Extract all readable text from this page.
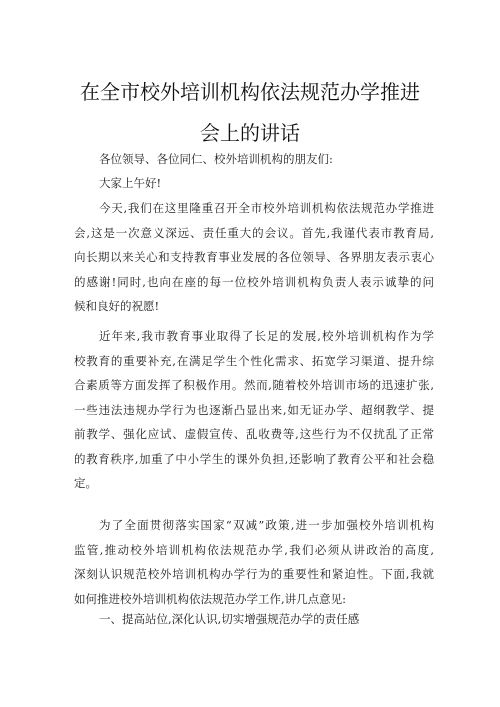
在全市校外培训机构依法规范办学推进
会上的讲话

各位领导、各位同仁、校外培训机构的朋友们:

大家上午好!

今天,我们在这里隆重召开全市校外培训机构依法规范办学推进
会,这是一次意义深远、责任重大的会议。首先,我谨代表市教育局,
向长期以来关心和支持教育事业发展的各位领导、各界朋友表示衷心
的感谢!同时,也向在座的每一位校外培训机构负责人表示诚挚的问
候和良好的祝愿!
近年来,我市教育事业取得了长足的发展,校外培训机构作为学
校教育的重要补充,在满足学生个性化需求、拓宽学习渠道、提升综
合素质等方面发挥了积极作用。然而,随着校外培训市场的迅速扩张,
一些违法违规办学行为也逐渐凸显出来,如无证办学、超纲教学、提
前教学、强化应试、虚假宣传、乱收费等,这些行为不仅扰乱了正常
的教育秩序,加重了中小学生的课外负担,还影响了教育公平和社会稳
定。
为了全面贯彻落实国家“双减”政策,进一步加强校外培训机构
监管,推动校外培训机构依法规范办学,我们必须从讲政治的高度,
深刻认识规范校外培训机构办学行为的重要性和紧迫性。下面,我就
如何推进校外培训机构依法规范办学工作,讲几点意见:

一、提高站位,深化认识,切实增强规范办学的责任感
